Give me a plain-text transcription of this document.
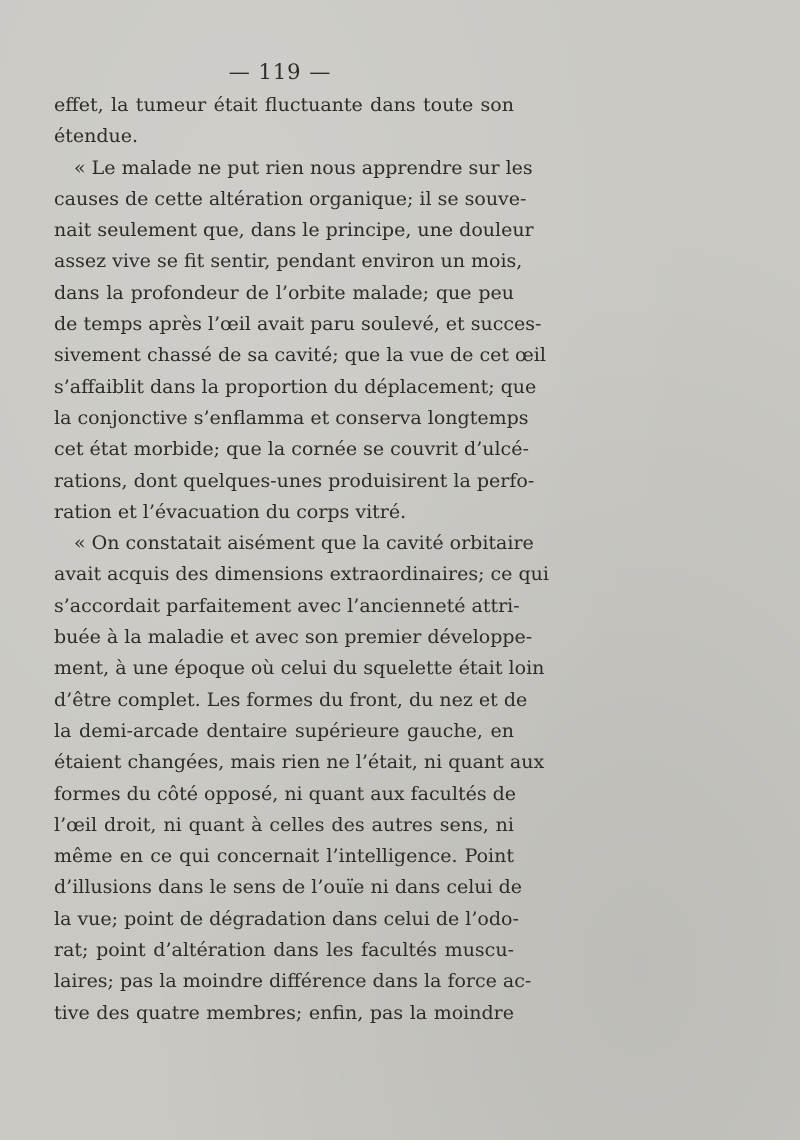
— 119 —
effet, la tumeur était fluctuante dans toute son
étendue.
« Le malade ne put rien nous apprendre sur les
causes de cette altération organique; il se souve-
nait seulement que, dans le principe, une douleur
assez vive se fit sentir, pendant environ un mois,
dans la profondeur de l’orbite malade; que peu
de temps après l’œil avait paru soulevé, et succes-
sivement chassé de sa cavité; que la vue de cet œil
s’affaiblit dans la proportion du déplacement; que
la conjonctive s’enflamma et conserva longtemps
cet état morbide; que la cornée se couvrit d’ulcé-
rations, dont quelques-unes produisirent la perfo-
ration et l’évacuation du corps vitré.
« On constatait aisément que la cavité orbitaire
avait acquis des dimensions extraordinaires; ce qui
s’accordait parfaitement avec l’ancienneté attri-
buée à la maladie et avec son premier développe-
ment, à une époque où celui du squelette était loin
d’être complet. Les formes du front, du nez et de
la demi-arcade dentaire supérieure gauche, en
étaient changées, mais rien ne l’était, ni quant aux
formes du côté opposé, ni quant aux facultés de
l’œil droit, ni quant à celles des autres sens, ni
même en ce qui concernait l’intelligence. Point
d’illusions dans le sens de l’ouïe ni dans celui de
la vue; point de dégradation dans celui de l’odo-
rat; point d’altération dans les facultés muscu-
laires; pas la moindre différence dans la force ac-
tive des quatre membres; enfin, pas la moindre
